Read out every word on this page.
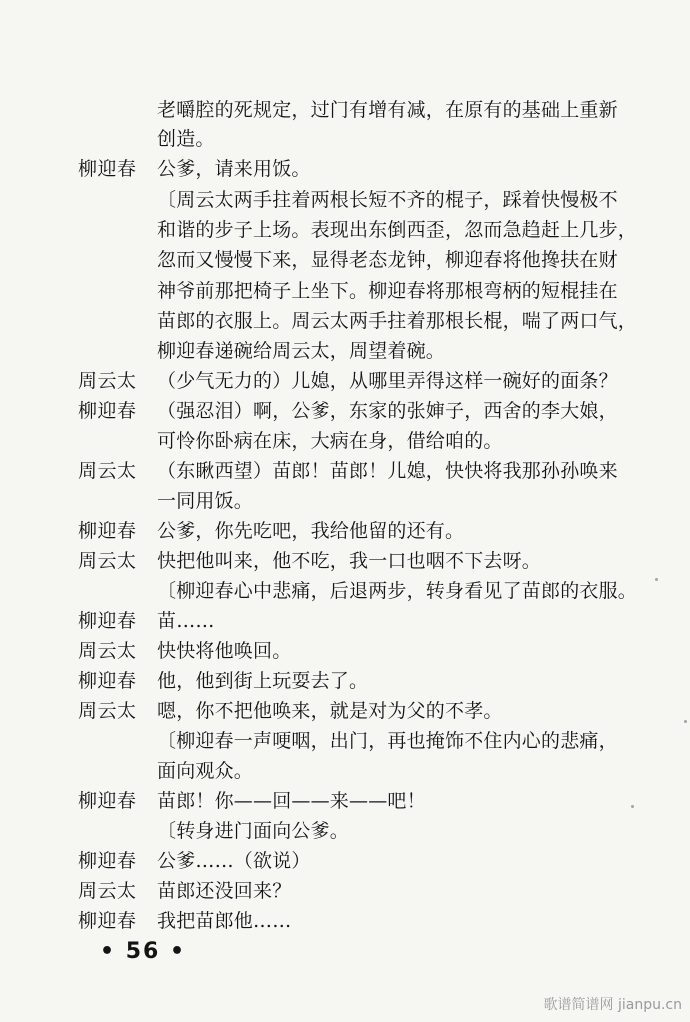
老嚼腔的死规定，过门有增有减，在原有的基础上重新
创造。
柳迎春 公爹，请来用饭。
〔周云太两手拄着两根长短不齐的棍子，踩着快慢极不
和谐的步子上场。表现出东倒西歪，忽而急趋赶上几步，
忽而又慢慢下来，显得老态龙钟，柳迎春将他搀扶在财
神爷前那把椅子上坐下。柳迎春将那根弯柄的短棍挂在
苗郎的衣服上。周云太两手拄着那根长棍，喘了两口气，
柳迎春递碗给周云太，周望着碗。
周云太 （少气无力的）儿媳，从哪里弄得这样一碗好的面条？
柳迎春 （强忍泪）啊，公爹，东家的张婶子，西舍的李大娘，
可怜你卧病在床，大病在身，借给咱的。
周云太 （东瞅西望）苗郎！苗郎！儿媳，快快将我那孙孙唤来
一同用饭。
柳迎春 公爹，你先吃吧，我给他留的还有。
周云太 快把他叫来，他不吃，我一口也咽不下去呀。
〔柳迎春心中悲痛，后退两步，转身看见了苗郎的衣服。
柳迎春 苗……
周云太 快快将他唤回。
柳迎春 他，他到街上玩耍去了。
周云太 嗯，你不把他唤来，就是对为父的不孝。
〔柳迎春一声哽咽，出门，再也掩饰不住内心的悲痛，
面向观众。
柳迎春 苗郎！你——回——来——吧！
〔转身进门面向公爹。
柳迎春 公爹……（欲说）
周云太 苗郎还没回来？
柳迎春 我把苗郎他……
• 56 •
歌谱简谱网 jianpu.cn
